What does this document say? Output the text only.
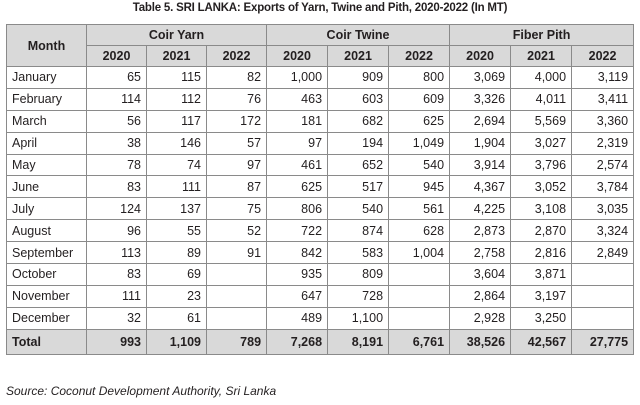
Table 5. SRI LANKA: Exports of Yarn, Twine and Pith, 2020-2022 (In MT)
Month	Coir Yarn			Coir Twine			Fiber Pith		
	2020	2021	2022	2020	2021	2022	2020	2021	2022
January	65	115	82	1,000	909	800	3,069	4,000	3,119
February	114	112	76	463	603	609	3,326	4,011	3,411
March	56	117	172	181	682	625	2,694	5,569	3,360
April	38	146	57	97	194	1,049	1,904	3,027	2,319
May	78	74	97	461	652	540	3,914	3,796	2,574
June	83	111	87	625	517	945	4,367	3,052	3,784
July	124	137	75	806	540	561	4,225	3,108	3,035
August	96	55	52	722	874	628	2,873	2,870	3,324
September	113	89	91	842	583	1,004	2,758	2,816	2,849
October	83	69		935	809		3,604	3,871	
November	111	23		647	728		2,864	3,197	
December	32	61		489	1,100		2,928	3,250	
Total	993	1,109	789	7,268	8,191	6,761	38,526	42,567	27,775
Source: Coconut Development Authority, Sri Lanka
